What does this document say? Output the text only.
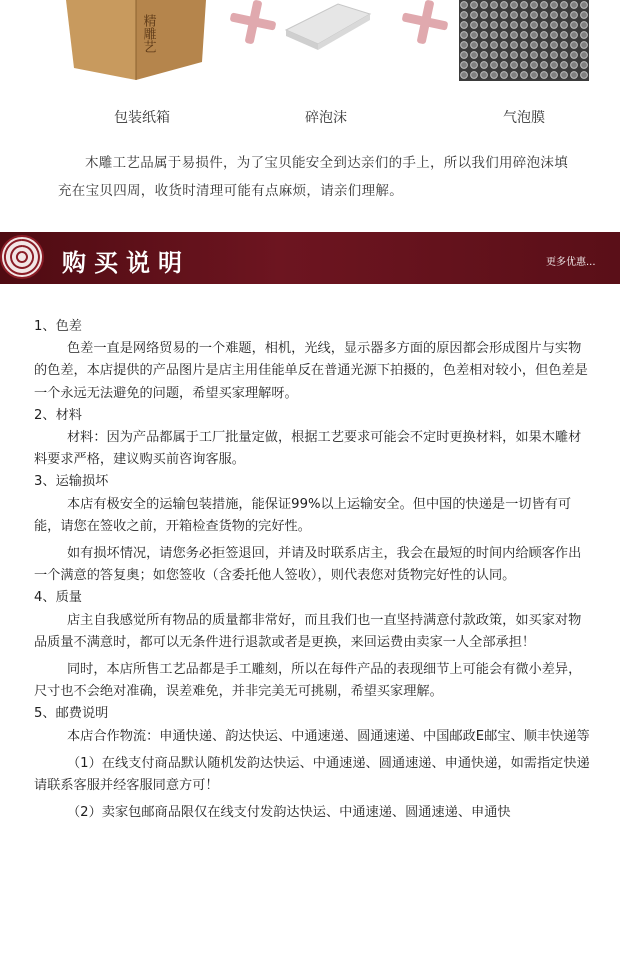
精雕艺
包装纸箱	碎泡沫	气泡膜
木雕工艺品属于易损件，为了宝贝能安全到达亲们的手上，所以我们用碎泡沫填充在宝贝四周，收货时清理可能有点麻烦，请亲们理解。
购买说明	更多优惠...

1、色差

色差一直是网络贸易的一个难题，相机，光线，显示器多方面的原因都会形成图片与实物的色差，本店提供的产品图片是店主用佳能单反在普通光源下拍摄的，色差相对较小，但色差是一个永远无法避免的问题，希望买家理解呀。

2、材料

材料：因为产品都属于工厂批量定做，根据工艺要求可能会不定时更换材料，如果木雕材料要求严格，建议购买前咨询客服。

3、运输损坏

本店有极安全的运输包装措施，能保证99%以上运输安全。但中国的快递是一切皆有可能，请您在签收之前，开箱检查货物的完好性。

如有损坏情况，请您务必拒签退回，并请及时联系店主，我会在最短的时间内给顾客作出一个满意的答复奥；如您签收（含委托他人签收），则代表您对货物完好性的认同。

4、质量

店主自我感觉所有物品的质量都非常好，而且我们也一直坚持满意付款政策，如买家对物品质量不满意时，都可以无条件进行退款或者是更换，来回运费由卖家一人全部承担！

同时，本店所售工艺品都是手工雕刻，所以在每件产品的表现细节上可能会有微小差异，尺寸也不会绝对准确，误差难免，并非完美无可挑剔，希望买家理解。

5、邮费说明

本店合作物流：申通快递、韵达快运、中通速递、圆通速递、中国邮政E邮宝、顺丰快递等

（1）在线支付商品默认随机发韵达快运、中通速递、圆通速递、申通快递，如需指定快递请联系客服并经客服同意方可！

（2）卖家包邮商品限仅在线支付发韵达快运、中通速递、圆通速递、申通快
